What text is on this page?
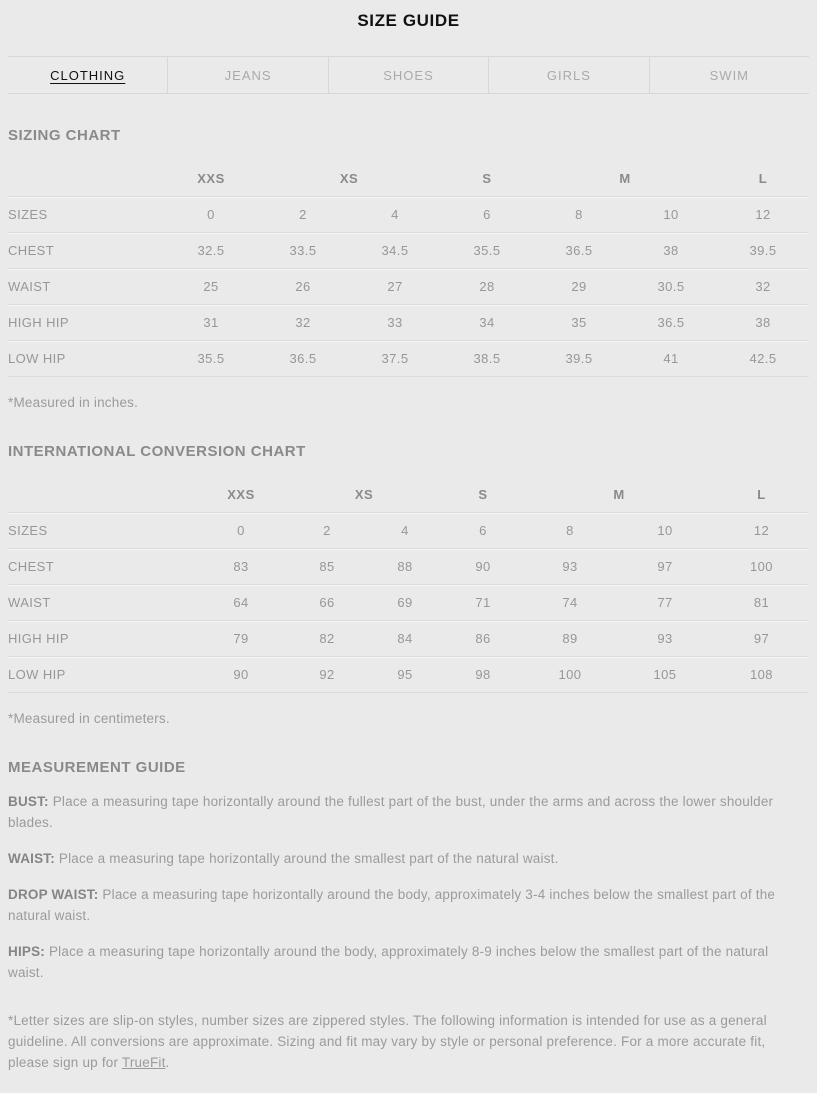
SIZE GUIDE
CLOTHING	JEANS	SHOES	GIRLS	SWIM
SIZING CHART
	XXS	XS		S	M		L
SIZES	0	2	4	6	8	10	12
CHEST	32.5	33.5	34.5	35.5	36.5	38	39.5
WAIST	25	26	27	28	29	30.5	32
HIGH HIP	31	32	33	34	35	36.5	38
LOW HIP	35.5	36.5	37.5	38.5	39.5	41	42.5
*Measured in inches.
INTERNATIONAL CONVERSION CHART
	XXS	XS		S	M		L
SIZES	0	2	4	6	8	10	12
CHEST	83	85	88	90	93	97	100
WAIST	64	66	69	71	74	77	81
HIGH HIP	79	82	84	86	89	93	97
LOW HIP	90	92	95	98	100	105	108
*Measured in centimeters.
MEASUREMENT GUIDE

BUST: Place a measuring tape horizontally around the fullest part of the bust, under the arms and across the lower shoulder blades.

WAIST: Place a measuring tape horizontally around the smallest part of the natural waist.

DROP WAIST: Place a measuring tape horizontally around the body, approximately 3-4 inches below the smallest part of the natural waist.

HIPS: Place a measuring tape horizontally around the body, approximately 8-9 inches below the smallest part of the natural waist.

*Letter sizes are slip-on styles, number sizes are zippered styles. The following information is intended for use as a general guideline. All conversions are approximate. Sizing and fit may vary by style or personal preference. For a more accurate fit, please sign up for TrueFit.
